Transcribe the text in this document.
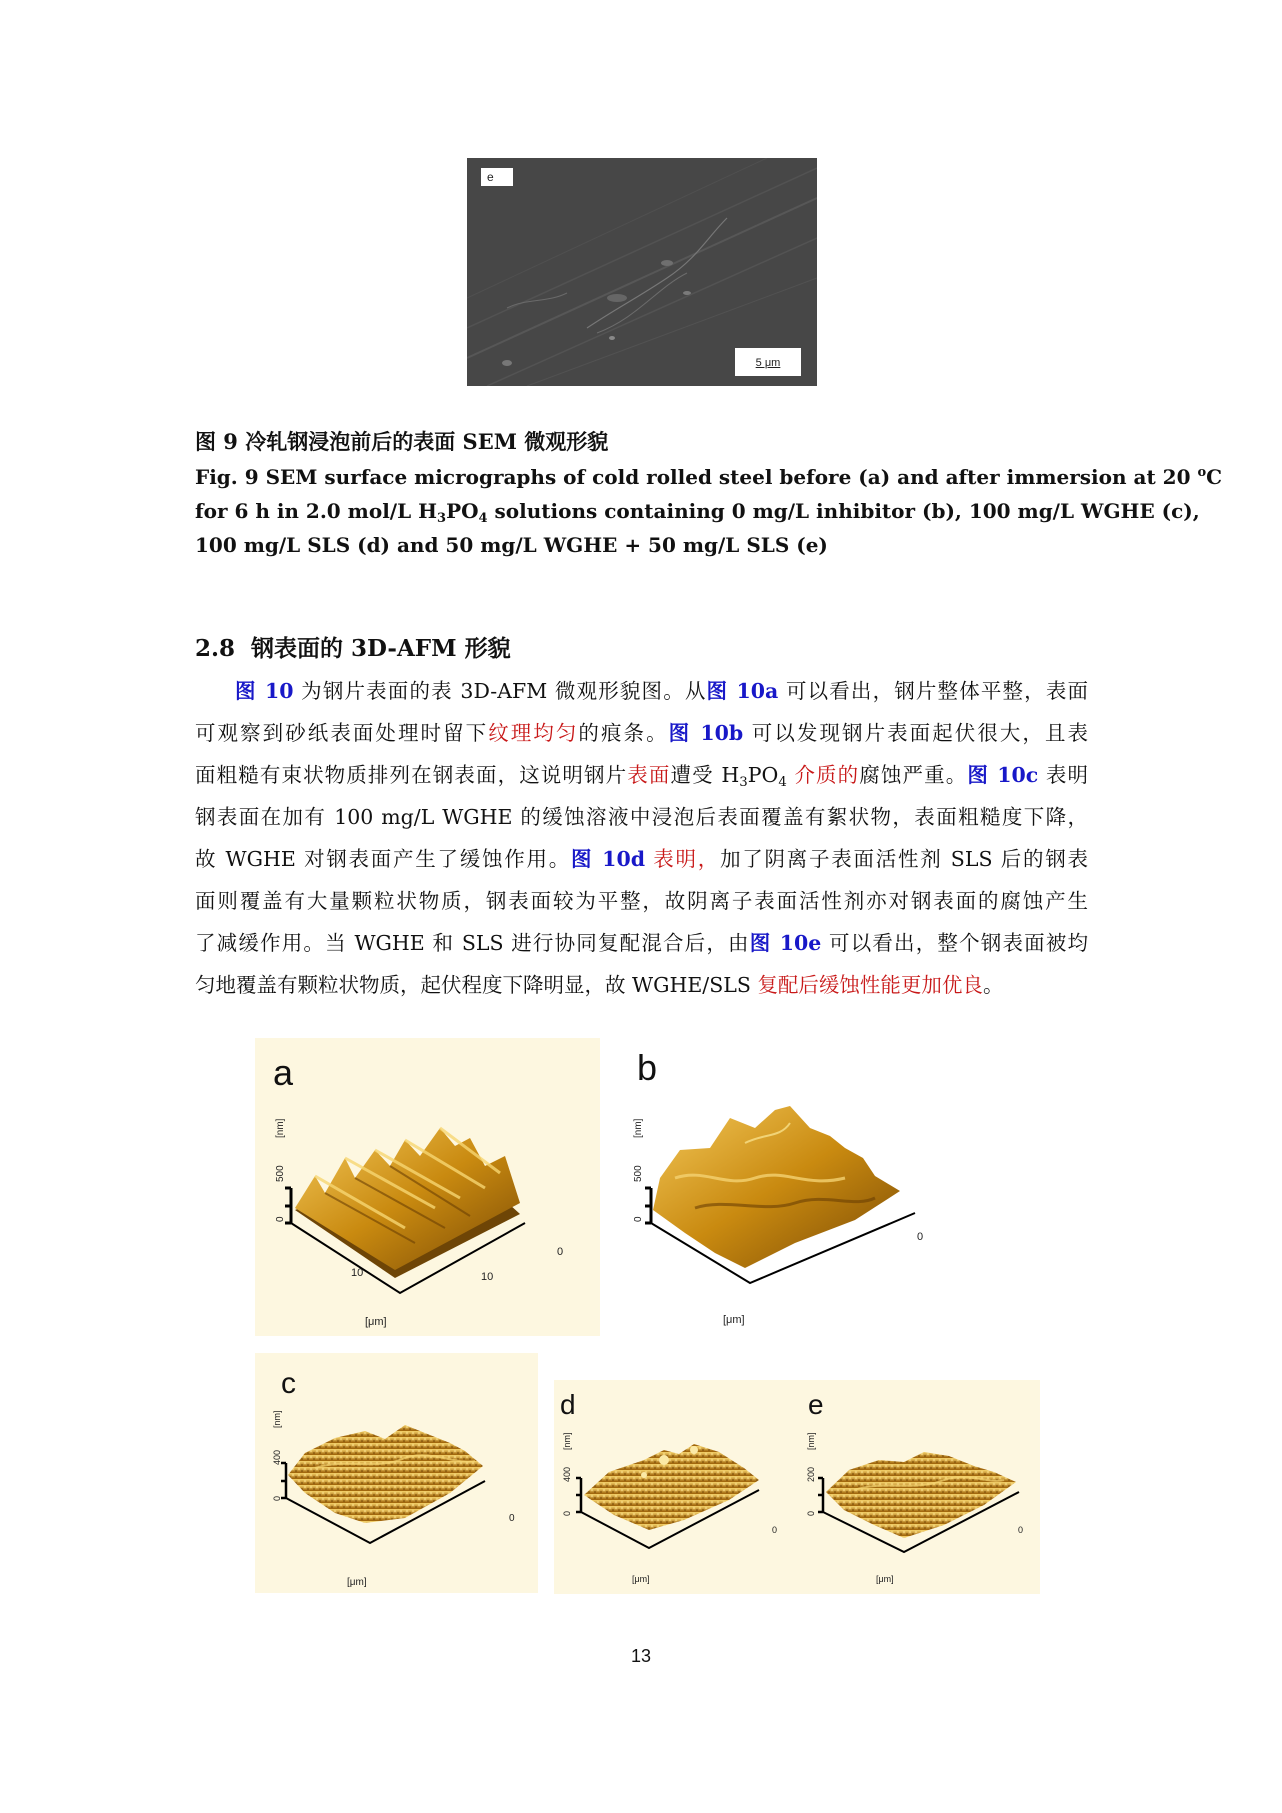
e
5 μm
图 9 冷轧钢浸泡前后的表面 SEM 微观形貌
Fig. 9 SEM surface micrographs of cold rolled steel before (a) and after immersion at 20 $^o$C
for 6 h in 2.0 mol/L $H_3PO_4$ solutions containing 0 mg/L inhibitor (b), 100 mg/L WGHE (c),
100 mg/L SLS (d) and 50 mg/L WGHE + 50 mg/L SLS (e)
2.8 钢表面的 3D-AFM 形貌
图 10 为钢片表面的表 3D-AFM 微观形貌图。从图 10a 可以看出，钢片整体平整，表面
可观察到砂纸表面处理时留下纹理均匀的痕条。图 10b 可以发现钢片表面起伏很大，且表
面粗糙有束状物质排列在钢表面，这说明钢片表面遭受 $H_3PO_4$ 介质的腐蚀严重。图 10c 表明
钢表面在加有 100 mg/L WGHE 的缓蚀溶液中浸泡后表面覆盖有絮状物，表面粗糙度下降，
故 WGHE 对钢表面产生了缓蚀作用。图 10d 表明，加了阴离子表面活性剂 SLS 后的钢表
面则覆盖有大量颗粒状物质，钢表面较为平整，故阴离子表面活性剂亦对钢表面的腐蚀产生
了减缓作用。当 WGHE 和 SLS 进行协同复配混合后，由图 10e 可以看出，整个钢表面被均
匀地覆盖有颗粒状物质，起伏程度下降明显，故 WGHE/SLS 复配后缓蚀性能更加优良。
a
[nm]
500
0
0
10	10
[μm]
b
[nm]
500
0
0
[μm]
c
[nm]
400
0
0
[μm]
d
[nm]
400
0
0
[μm]
e
[nm]
200
0
0
[μm]
13
